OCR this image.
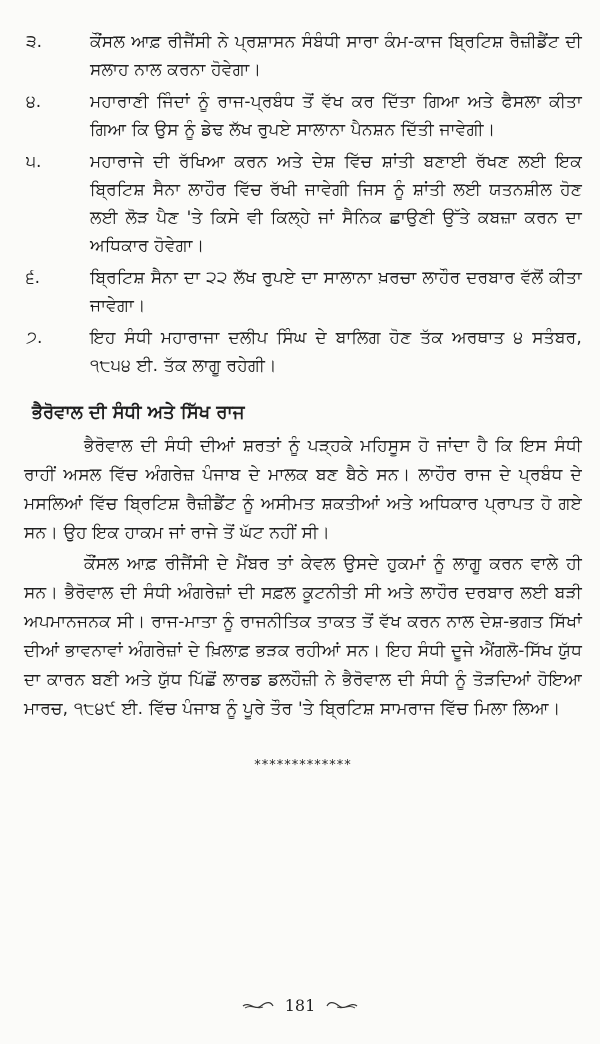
੩.	ਕੌਂਸਲ ਆਫ਼ ਰੀਜੈਂਸੀ ਨੇ ਪ੍ਰਸ਼ਾਸਨ ਸੰਬੰਧੀ ਸਾਰਾ ਕੰਮ-ਕਾਜ ਬ੍ਰਿਟਿਸ਼ ਰੈਜ਼ੀਡੈਂਟ ਦੀ ਸਲਾਹ ਨਾਲ ਕਰਨਾ ਹੋਵੇਗਾ।
੪.	ਮਹਾਰਾਣੀ ਜਿੰਦਾਂ ਨੂੰ ਰਾਜ-ਪ੍ਰਬੰਧ ਤੋਂ ਵੱਖ ਕਰ ਦਿੱਤਾ ਗਿਆ ਅਤੇ ਫੈਸਲਾ ਕੀਤਾ ਗਿਆ ਕਿ ਉਸ ਨੂੰ ਡੇਢ ਲੱਖ ਰੁਪਏ ਸਾਲਾਨਾ ਪੈਨਸ਼ਨ ਦਿੱਤੀ ਜਾਵੇਗੀ।
੫.	ਮਹਾਰਾਜੇ ਦੀ ਰੱਖਿਆ ਕਰਨ ਅਤੇ ਦੇਸ਼ ਵਿੱਚ ਸ਼ਾਂਤੀ ਬਣਾਈ ਰੱਖਣ ਲਈ ਇਕ ਬ੍ਰਿਟਿਸ਼ ਸੈਨਾ ਲਾਹੌਰ ਵਿੱਚ ਰੱਖੀ ਜਾਵੇਗੀ ਜਿਸ ਨੂੰ ਸ਼ਾਂਤੀ ਲਈ ਯਤਨਸ਼ੀਲ ਹੋਣ ਲਈ ਲੋੜ ਪੈਣ 'ਤੇ ਕਿਸੇ ਵੀ ਕਿਲ੍ਹੇ ਜਾਂ ਸੈਨਿਕ ਛਾਉਣੀ ਉੱਤੇ ਕਬਜ਼ਾ ਕਰਨ ਦਾ ਅਧਿਕਾਰ ਹੋਵੇਗਾ।
੬.	ਬ੍ਰਿਟਿਸ਼ ਸੈਨਾ ਦਾ ੨੨ ਲੱਖ ਰੁਪਏ ਦਾ ਸਾਲਾਨਾ ਖ਼ਰਚਾ ਲਾਹੌਰ ਦਰਬਾਰ ਵੱਲੋਂ ਕੀਤਾ ਜਾਵੇਗਾ।
੭.	ਇਹ ਸੰਧੀ ਮਹਾਰਾਜਾ ਦਲੀਪ ਸਿੰਘ ਦੇ ਬਾਲਿਗ ਹੋਣ ਤੱਕ ਅਰਥਾਤ ੪ ਸਤੰਬਰ, ੧੮੫੪ ਈ. ਤੱਕ ਲਾਗੂ ਰਹੇਗੀ।
ਭੈਰੋਵਾਲ ਦੀ ਸੰਧੀ ਅਤੇ ਸਿੱਖ ਰਾਜ

ਭੈਰੋਵਾਲ ਦੀ ਸੰਧੀ ਦੀਆਂ ਸ਼ਰਤਾਂ ਨੂੰ ਪੜ੍ਹਕੇ ਮਹਿਸੂਸ ਹੋ ਜਾਂਦਾ ਹੈ ਕਿ ਇਸ ਸੰਧੀ ਰਾਹੀਂ ਅਸਲ ਵਿੱਚ ਅੰਗਰੇਜ਼ ਪੰਜਾਬ ਦੇ ਮਾਲਕ ਬਣ ਬੈਠੇ ਸਨ। ਲਾਹੌਰ ਰਾਜ ਦੇ ਪ੍ਰਬੰਧ ਦੇ ਮਸਲਿਆਂ ਵਿੱਚ ਬ੍ਰਿਟਿਸ਼ ਰੈਜ਼ੀਡੈਂਟ ਨੂੰ ਅਸੀਮਤ ਸ਼ਕਤੀਆਂ ਅਤੇ ਅਧਿਕਾਰ ਪ੍ਰਾਪਤ ਹੋ ਗਏ ਸਨ। ਉਹ ਇਕ ਹਾਕਮ ਜਾਂ ਰਾਜੇ ਤੋਂ ਘੱਟ ਨਹੀਂ ਸੀ।

ਕੌਂਸਲ ਆਫ਼ ਰੀਜੈਂਸੀ ਦੇ ਮੈਂਬਰ ਤਾਂ ਕੇਵਲ ਉਸਦੇ ਹੁਕਮਾਂ ਨੂੰ ਲਾਗੂ ਕਰਨ ਵਾਲੇ ਹੀ ਸਨ। ਭੈਰੋਵਾਲ ਦੀ ਸੰਧੀ ਅੰਗਰੇਜ਼ਾਂ ਦੀ ਸਫ਼ਲ ਕੂਟਨੀਤੀ ਸੀ ਅਤੇ ਲਾਹੌਰ ਦਰਬਾਰ ਲਈ ਬੜੀ ਅਪਮਾਨਜਨਕ ਸੀ। ਰਾਜ-ਮਾਤਾ ਨੂੰ ਰਾਜਨੀਤਿਕ ਤਾਕਤ ਤੋਂ ਵੱਖ ਕਰਨ ਨਾਲ ਦੇਸ਼-ਭਗਤ ਸਿੱਖਾਂ ਦੀਆਂ ਭਾਵਨਾਵਾਂ ਅੰਗਰੇਜ਼ਾਂ ਦੇ ਖ਼ਿਲਾਫ਼ ਭੜਕ ਰਹੀਆਂ ਸਨ। ਇਹ ਸੰਧੀ ਦੂਜੇ ਐਂਗਲੋ-ਸਿੱਖ ਯੁੱਧ ਦਾ ਕਾਰਨ ਬਣੀ ਅਤੇ ਯੁੱਧ ਪਿੱਛੋਂ ਲਾਰਡ ਡਲਹੌਜ਼ੀ ਨੇ ਭੈਰੋਵਾਲ ਦੀ ਸੰਧੀ ਨੂੰ ਤੋੜਦਿਆਂ ਹੋਇਆ ਮਾਰਚ, ੧੮੪੯ ਈ. ਵਿੱਚ ਪੰਜਾਬ ਨੂੰ ਪੂਰੇ ਤੌਰ 'ਤੇ ਬ੍ਰਿਟਿਸ਼ ਸਾਮਰਾਜ ਵਿੱਚ ਮਿਲਾ ਲਿਆ।

*************
181
